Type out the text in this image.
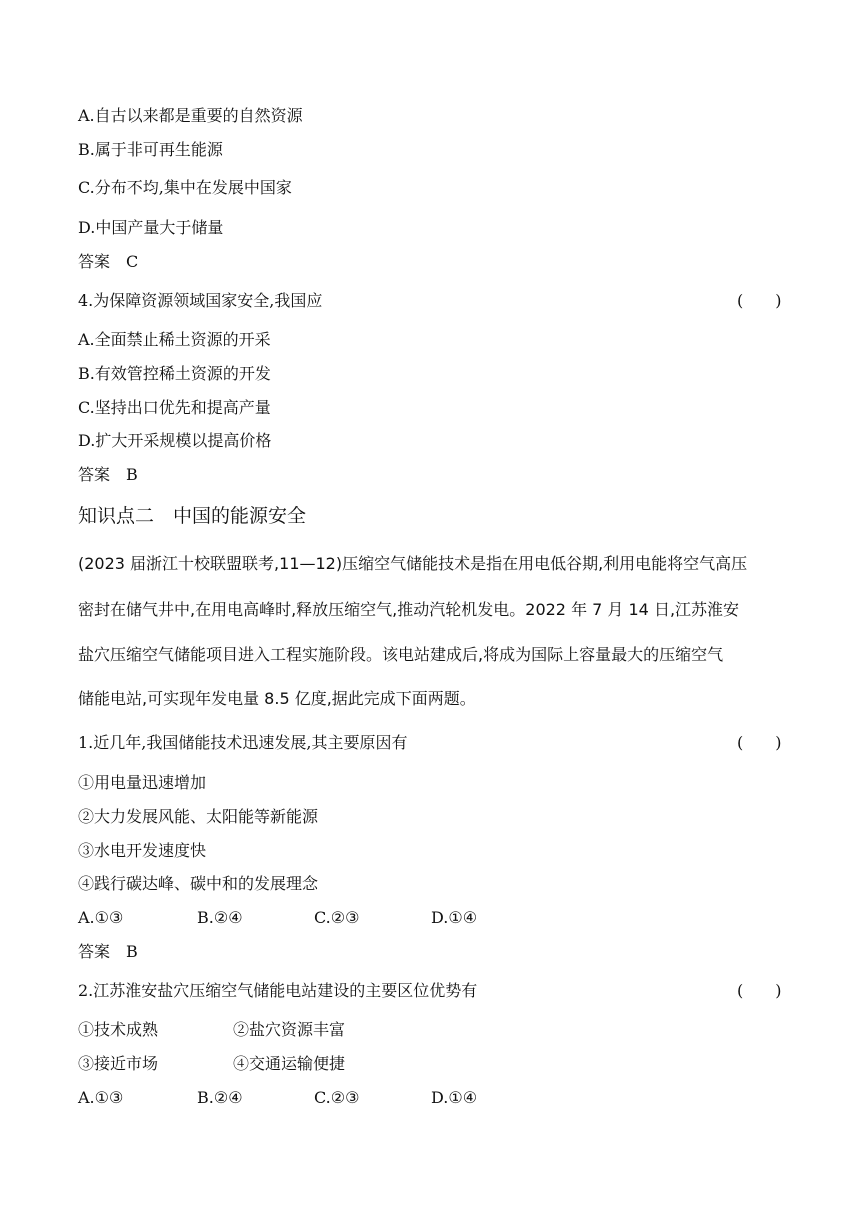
A.自古以来都是重要的自然资源
B.属于非可再生能源
C.分布不均,集中在发展中国家
D.中国产量大于储量
答案　C
4.为保障资源领域国家安全,我国应	(　　)
A.全面禁止稀土资源的开采
B.有效管控稀土资源的开发
C.坚持出口优先和提高产量
D.扩大开采规模以提高价格
答案　B
知识点二　中国的能源安全
(2023 届浙江十校联盟联考,11—12)压缩空气储能技术是指在用电低谷期,利用电能将空气高压
密封在储气井中,在用电高峰时,释放压缩空气,推动汽轮机发电。2022 年 7 月 14 日,江苏淮安
盐穴压缩空气储能项目进入工程实施阶段。该电站建成后,将成为国际上容量最大的压缩空气
储能电站,可实现年发电量 8.5 亿度,据此完成下面两题。
1.近几年,我国储能技术迅速发展,其主要原因有	(　　)
①用电量迅速增加
②大力发展风能、太阳能等新能源
③水电开发速度快
④践行碳达峰、碳中和的发展理念
A.①③	B.②④	C.②③	D.①④
答案　B
2.江苏淮安盐穴压缩空气储能电站建设的主要区位优势有	(　　)
①技术成熟	②盐穴资源丰富
③接近市场	④交通运输便捷
A.①③	B.②④	C.②③	D.①④
